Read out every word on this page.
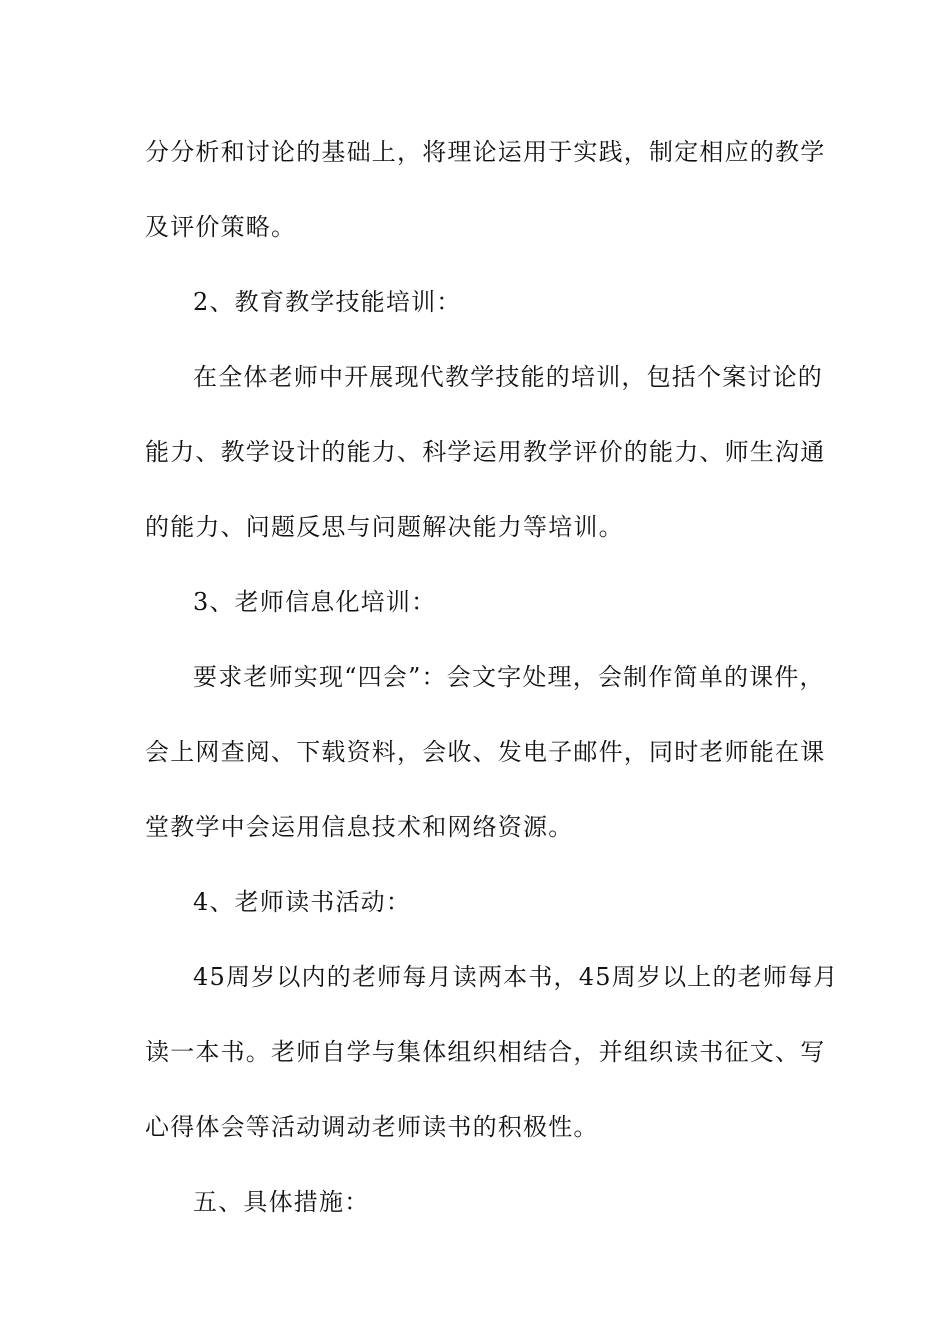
分分析和讨论的基础上，将理论运用于实践，制定相应的教学
及评价策略。
2、教育教学技能培训：
在全体老师中开展现代教学技能的培训，包括个案讨论的
能力、教学设计的能力、科学运用教学评价的能力、师生沟通
的能力、问题反思与问题解决能力等培训。
3、老师信息化培训：
要求老师实现“四会”：会文字处理，会制作简单的课件，
会上网查阅、下载资料，会收、发电子邮件，同时老师能在课
堂教学中会运用信息技术和网络资源。
4、老师读书活动：
45周岁以内的老师每月读两本书，45周岁以上的老师每月
读一本书。老师自学与集体组织相结合，并组织读书征文、写
心得体会等活动调动老师读书的积极性。
五、具体措施：
